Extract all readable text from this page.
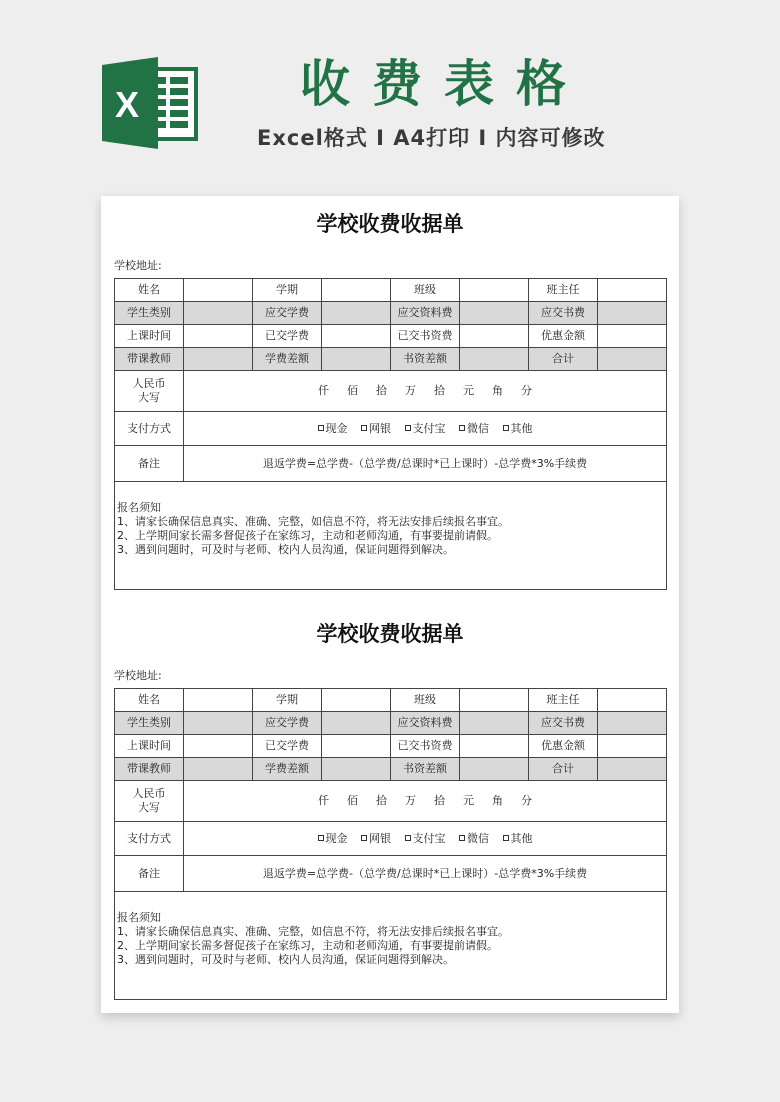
X	收费表格
Excel格式 I A4打印 I 内容可修改
学校收费收据单
学校地址:
姓名		学期		班级		班主任	
学生类别		应交学费		应交资料费		应交书费	
上课时间		已交学费		已交书资费		优惠金额	
带课教师		学费差额		书资差额		合计	

人民币
大写	仟 佰 拾 万 拾 元 角 分						
支付方式	现金 网银 支付宝 微信 其他						
备注	退返学费=总学费-（总学费/总课时*已上课时）-总学费*3%手续费						

报名须知
1、请家长确保信息真实、准确、完整，如信息不符，将无法安排后续报名事宜。
2、上学期间家长需多督促孩子在家练习，主动和老师沟通，有事要提前请假。
3、遇到问题时，可及时与老师、校内人员沟通，保证问题得到解决。							
学校收费收据单
学校地址:
姓名		学期		班级		班主任	
学生类别		应交学费		应交资料费		应交书费	
上课时间		已交学费		已交书资费		优惠金额	
带课教师		学费差额		书资差额		合计	

人民币
大写	仟 佰 拾 万 拾 元 角 分						
支付方式	现金 网银 支付宝 微信 其他						
备注	退返学费=总学费-（总学费/总课时*已上课时）-总学费*3%手续费						

报名须知
1、请家长确保信息真实、准确、完整，如信息不符，将无法安排后续报名事宜。
2、上学期间家长需多督促孩子在家练习，主动和老师沟通，有事要提前请假。
3、遇到问题时，可及时与老师、校内人员沟通，保证问题得到解决。							
